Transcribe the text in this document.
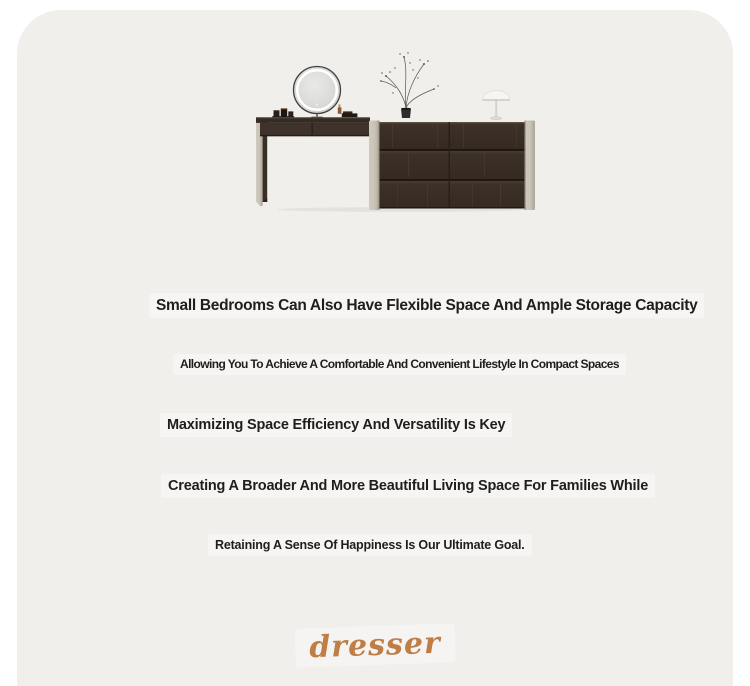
Small Bedrooms Can Also Have Flexible Space And Ample Storage Capacity
Allowing You To Achieve A Comfortable And Convenient Lifestyle In Compact Spaces
Maximizing Space Efficiency And Versatility Is Key
Creating A Broader And More Beautiful Living Space For Families While
Retaining A Sense Of Happiness Is Our Ultimate Goal.
dresser
